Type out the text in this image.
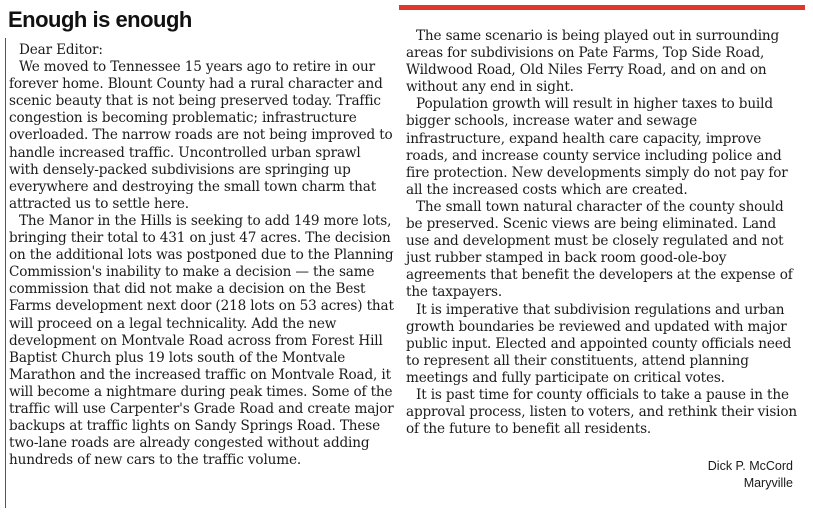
Enough is enough

Dear Editor:

We moved to Tennessee 15 years ago to retire in our forever home. Blount County had a rural character and scenic beauty that is not being preserved today. Traffic congestion is becoming problematic; infrastructure overloaded. The narrow roads are not being improved to handle increased traffic. Uncontrolled urban sprawl with densely-packed subdivisions are springing up everywhere and destroying the small town charm that attracted us to settle here.

The Manor in the Hills is seeking to add 149 more lots, bringing their total to 431 on just 47 acres. The decision on the additional lots was postponed due to the Planning Commission's inability to make a decision — the same commission that did not make a decision on the Best Farms development next door (218 lots on 53 acres) that will proceed on a legal technicality. Add the new development on Montvale Road across from Forest Hill Baptist Church plus 19 lots south of the Montvale Marathon and the increased traffic on Montvale Road, it will become a nightmare during peak times. Some of the traffic will use Carpenter's Grade Road and create major backups at traffic lights on Sandy Springs Road. These two-lane roads are already congested without adding hundreds of new cars to the traffic volume.

The same scenario is being played out in surrounding areas for subdivisions on Pate Farms, Top Side Road, Wildwood Road, Old Niles Ferry Road, and on and on without any end in sight.

Population growth will result in higher taxes to build bigger schools, increase water and sewage infrastructure, expand health care capacity, improve roads, and increase county service including police and fire protection. New developments simply do not pay for all the increased costs which are created.

The small town natural character of the county should be preserved. Scenic views are being eliminated. Land use and development must be closely regulated and not just rubber stamped in back room good-ole-boy agreements that benefit the developers at the expense of the taxpayers.

It is imperative that subdivision regulations and urban growth boundaries be reviewed and updated with major public input. Elected and appointed county officials need to represent all their constituents, attend planning meetings and fully participate on critical votes.

It is past time for county officials to take a pause in the approval process, listen to voters, and rethink their vision of the future to benefit all residents.

Dick P. McCord
Maryville
